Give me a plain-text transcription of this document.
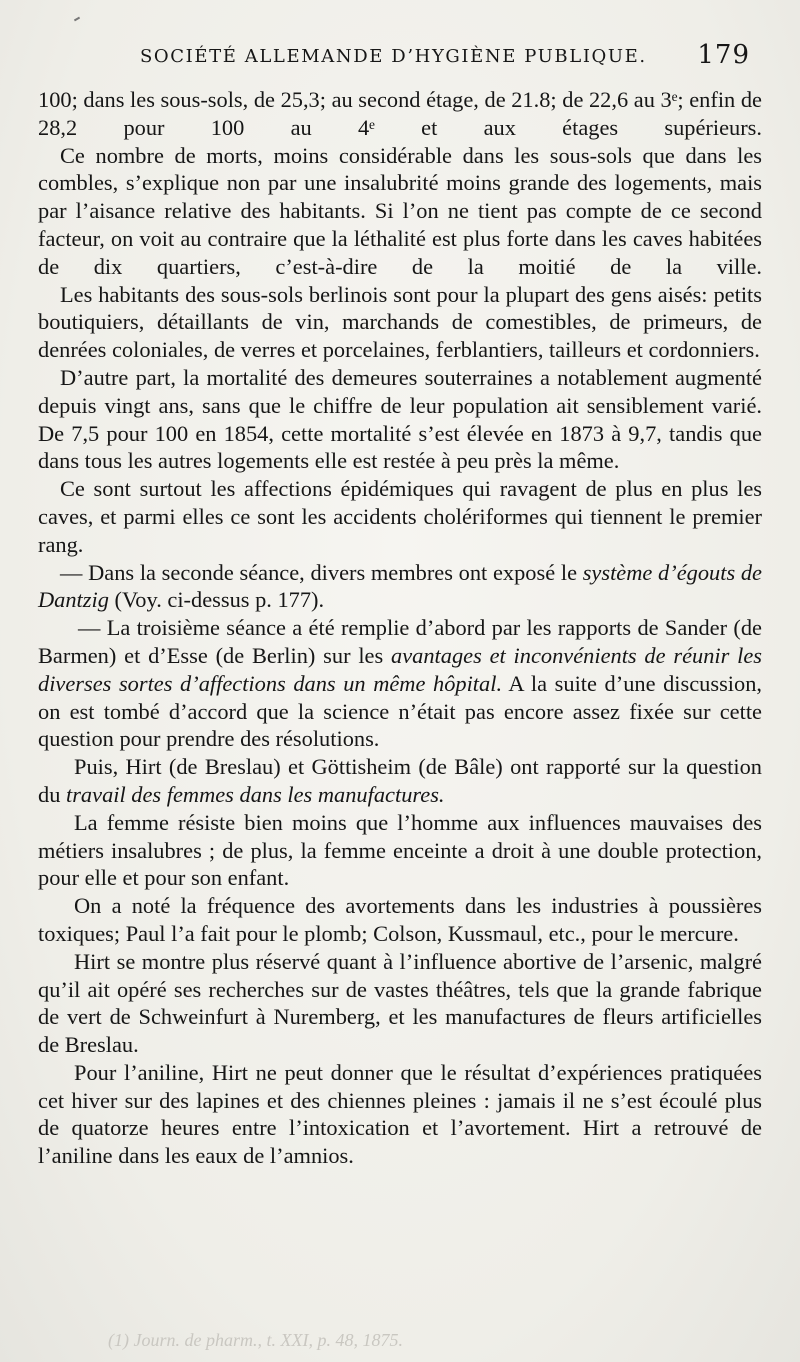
SOCIÉTÉ ALLEMANDE D’HYGIÈNE PUBLIQUE. 179

100; dans les sous-sols, de 25,3; au second étage, de 21.8; de 22,6 au 3ᵉ; enfin de 28,2 pour 100 au 4ᵉ et aux étages supérieurs.

Ce nombre de morts, moins considérable dans les sous-sols que dans les combles, s’explique non par une insalubrité moins grande des logements, mais par l’aisance relative des habitants. Si l’on ne tient pas compte de ce second facteur, on voit au contraire que la léthalité est plus forte dans les caves habitées de dix quartiers, c’est-à-dire de la moitié de la ville.

Les habitants des sous-sols berlinois sont pour la plupart des gens aisés: petits boutiquiers, détaillants de vin, marchands de comestibles, de primeurs, de denrées coloniales, de verres et porcelaines, ferblantiers, tailleurs et cordonniers.

D’autre part, la mortalité des demeures souterraines a notablement augmenté depuis vingt ans, sans que le chiffre de leur population ait sensiblement varié. De 7,5 pour 100 en 1854, cette mortalité s’est élevée en 1873 à 9,7, tandis que dans tous les autres logements elle est restée à peu près la même.

Ce sont surtout les affections épidémiques qui ravagent de plus en plus les caves, et parmi elles ce sont les accidents cholériformes qui tiennent le premier rang.

— Dans la seconde séance, divers membres ont exposé le système d’égouts de Dantzig (Voy. ci-dessus p. 177).

— La troisième séance a été remplie d’abord par les rapports de Sander (de Barmen) et d’Esse (de Berlin) sur les avantages et inconvénients de réunir les diverses sortes d’affections dans un même hôpital. A la suite d’une discussion, on est tombé d’accord que la science n’était pas encore assez fixée sur cette question pour prendre des résolutions.

Puis, Hirt (de Breslau) et Göttisheim (de Bâle) ont rapporté sur la question du travail des femmes dans les manufactures.

La femme résiste bien moins que l’homme aux influences mauvaises des métiers insalubres ; de plus, la femme enceinte a droit à une double protection, pour elle et pour son enfant.

On a noté la fréquence des avortements dans les industries à poussières toxiques; Paul l’a fait pour le plomb; Colson, Kussmaul, etc., pour le mercure.

Hirt se montre plus réservé quant à l’influence abortive de l’arsenic, malgré qu’il ait opéré ses recherches sur de vastes théâtres, tels que la grande fabrique de vert de Schweinfurt à Nuremberg, et les manufactures de fleurs artificielles de Breslau.

Pour l’aniline, Hirt ne peut donner que le résultat d’expériences pratiquées cet hiver sur des lapines et des chiennes pleines : jamais il ne s’est écoulé plus de quatorze heures entre l’intoxication et l’avortement. Hirt a retrouvé de l’aniline dans les eaux de l’amnios.

(1) Journ. de pharm., t. XXI, p. 48, 1875.
